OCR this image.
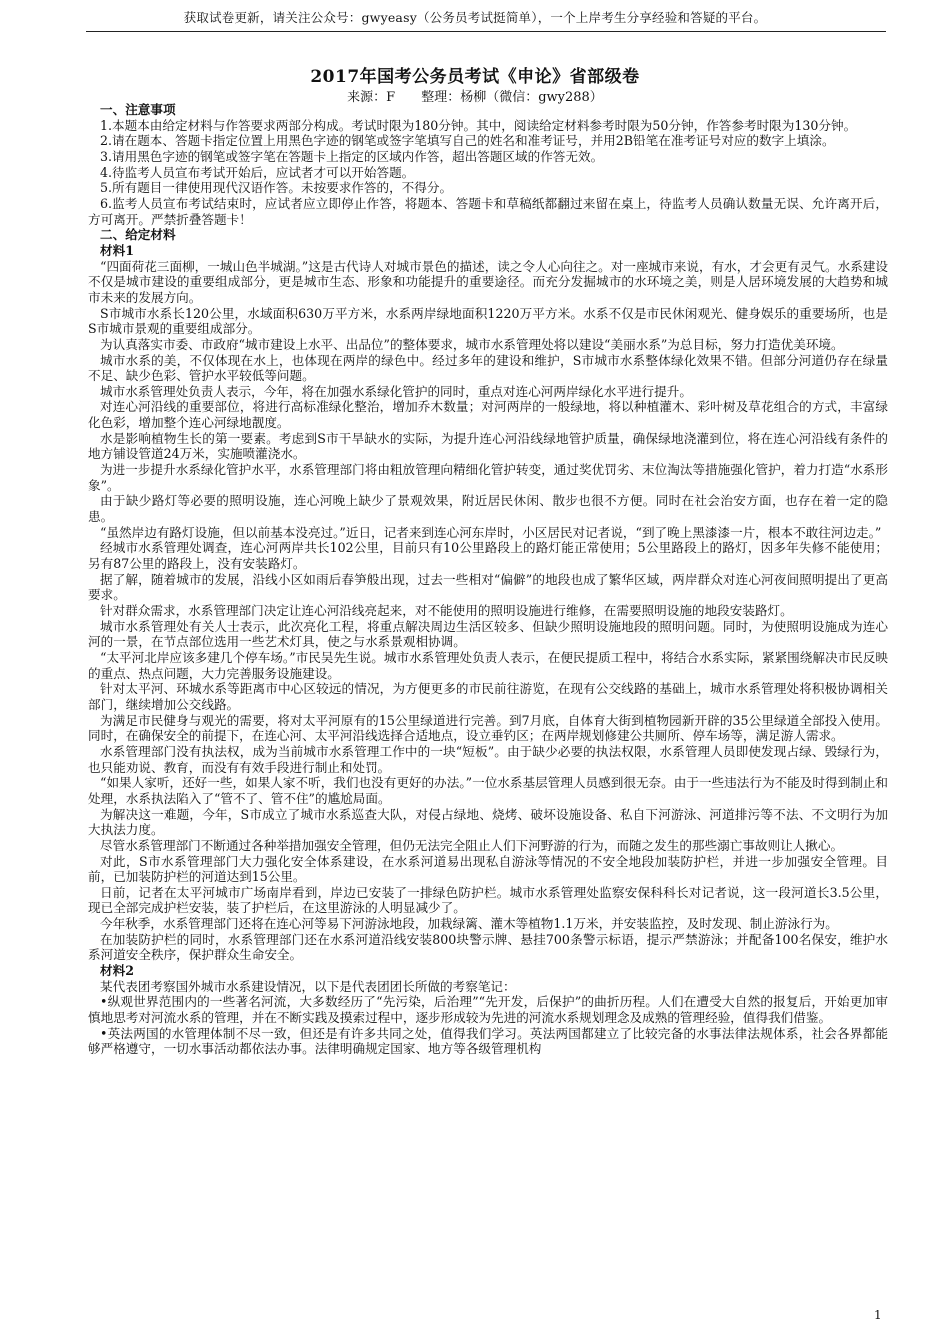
获取试卷更新，请关注公众号：gwyeasy（公务员考试挺简单），一个上岸考生分享经验和答疑的平台。
2017年国考公务员考试《申论》省部级卷
来源：F　　整理：杨柳（微信：gwy288）

一、注意事项

1.本题本由给定材料与作答要求两部分构成。考试时限为180分钟。其中，阅读给定材料参考时限为50分钟，作答参考时限为130分钟。

2.请在题本、答题卡指定位置上用黑色字迹的钢笔或签字笔填写自己的姓名和准考证号，并用2B铅笔在准考证号对应的数字上填涂。

3.请用黑色字迹的钢笔或签字笔在答题卡上指定的区域内作答，超出答题区域的作答无效。

4.待监考人员宣布考试开始后，应试者才可以开始答题。

5.所有题目一律使用现代汉语作答。未按要求作答的，不得分。

6.监考人员宣布考试结束时，应试者应立即停止作答，将题本、答题卡和草稿纸都翻过来留在桌上，待监考人员确认数量无误、允许离开后，方可离开。严禁折叠答题卡！

二、给定材料

材料1

“四面荷花三面柳，一城山色半城湖。”这是古代诗人对城市景色的描述，读之令人心向往之。对一座城市来说，有水，才会更有灵气。水系建设不仅是城市建设的重要组成部分，更是城市生态、形象和功能提升的重要途径。而充分发掘城市的水环境之美，则是人居环境发展的大趋势和城市未来的发展方向。

S市城市水系长120公里，水域面积630万平方米，水系两岸绿地面积1220万平方米。水系不仅是市民休闲观光、健身娱乐的重要场所，也是S市城市景观的重要组成部分。

为认真落实市委、市政府“城市建设上水平、出品位”的整体要求，城市水系管理处将以建设“美丽水系”为总目标，努力打造优美环境。

城市水系的美，不仅体现在水上，也体现在两岸的绿色中。经过多年的建设和维护，S市城市水系整体绿化效果不错。但部分河道仍存在绿量不足、缺少色彩、管护水平较低等问题。

城市水系管理处负责人表示，今年，将在加强水系绿化管护的同时，重点对连心河两岸绿化水平进行提升。

对连心河沿线的重要部位，将进行高标准绿化整治，增加乔木数量；对河两岸的一般绿地，将以种植灌木、彩叶树及草花组合的方式，丰富绿化色彩，增加整个连心河绿地靓度。

水是影响植物生长的第一要素。考虑到S市干旱缺水的实际，为提升连心河沿线绿地管护质量，确保绿地浇灌到位，将在连心河沿线有条件的地方铺设管道24万米，实施喷灌浇水。

为进一步提升水系绿化管护水平，水系管理部门将由粗放管理向精细化管护转变，通过奖优罚劣、末位淘汰等措施强化管护，着力打造“水系形象”。

由于缺少路灯等必要的照明设施，连心河晚上缺少了景观效果，附近居民休闲、散步也很不方便。同时在社会治安方面，也存在着一定的隐患。

“虽然岸边有路灯设施，但以前基本没亮过。”近日，记者来到连心河东岸时，小区居民对记者说，“到了晚上黑漆漆一片，根本不敢往河边走。”

经城市水系管理处调查，连心河两岸共长102公里，目前只有10公里路段上的路灯能正常使用；5公里路段上的路灯，因多年失修不能使用；另有87公里的路段上，没有安装路灯。

据了解，随着城市的发展，沿线小区如雨后春笋般出现，过去一些相对“偏僻”的地段也成了繁华区域，两岸群众对连心河夜间照明提出了更高要求。

针对群众需求，水系管理部门决定让连心河沿线亮起来，对不能使用的照明设施进行维修，在需要照明设施的地段安装路灯。

城市水系管理处有关人士表示，此次亮化工程，将重点解决周边生活区较多、但缺少照明设施地段的照明问题。同时，为使照明设施成为连心河的一景，在节点部位选用一些艺术灯具，使之与水系景观相协调。

“太平河北岸应该多建几个停车场。”市民吴先生说。城市水系管理处负责人表示，在便民提质工程中，将结合水系实际，紧紧围绕解决市民反映的重点、热点问题，大力完善服务设施建设。

针对太平河、环城水系等距离市中心区较远的情况，为方便更多的市民前往游览，在现有公交线路的基础上，城市水系管理处将积极协调相关部门，继续增加公交线路。

为满足市民健身与观光的需要，将对太平河原有的15公里绿道进行完善。到7月底，自体育大街到植物园新开辟的35公里绿道全部投入使用。同时，在确保安全的前提下，在连心河、太平河沿线选择合适地点，设立垂钓区；在两岸规划修建公共厕所、停车场等，满足游人需求。

水系管理部门没有执法权，成为当前城市水系管理工作中的一块“短板”。由于缺少必要的执法权限，水系管理人员即使发现占绿、毁绿行为，也只能劝说、教育，而没有有效手段进行制止和处罚。

“如果人家听，还好一些，如果人家不听，我们也没有更好的办法。”一位水系基层管理人员感到很无奈。由于一些违法行为不能及时得到制止和处理，水系执法陷入了“管不了、管不住”的尴尬局面。

为解决这一难题，今年，S市成立了城市水系巡查大队，对侵占绿地、烧烤、破坏设施设备、私自下河游泳、河道排污等不法、不文明行为加大执法力度。

尽管水系管理部门不断通过各种举措加强安全管理，但仍无法完全阻止人们下河野游的行为，而随之发生的那些溺亡事故则让人揪心。

对此，S市水系管理部门大力强化安全体系建设，在水系河道易出现私自游泳等情况的不安全地段加装防护栏，并进一步加强安全管理。目前，已加装防护栏的河道达到15公里。

日前，记者在太平河城市广场南岸看到，岸边已安装了一排绿色防护栏。城市水系管理处监察安保科科长对记者说，这一段河道长3.5公里，现已全部完成护栏安装，装了护栏后，在这里游泳的人明显减少了。

今年秋季，水系管理部门还将在连心河等易下河游泳地段，加栽绿篱、灌木等植物1.1万米，并安装监控，及时发现、制止游泳行为。

在加装防护栏的同时，水系管理部门还在水系河道沿线安装800块警示牌、悬挂700条警示标语，提示严禁游泳；并配备100名保安，维护水系河道安全秩序，保护群众生命安全。

材料2

某代表团考察国外城市水系建设情况，以下是代表团团长所做的考察笔记：

•纵观世界范围内的一些著名河流，大多数经历了“先污染，后治理”“先开发，后保护”的曲折历程。人们在遭受大自然的报复后，开始更加审慎地思考对河流水系的管理，并在不断实践及摸索过程中，逐步形成较为先进的河流水系规划理念及成熟的管理经验，值得我们借鉴。

•英法两国的水管理体制不尽一致，但还是有许多共同之处，值得我们学习。英法两国都建立了比较完备的水事法律法规体系，社会各界都能够严格遵守，一切水事活动都依法办事。法律明确规定国家、地方等各级管理机构

1
